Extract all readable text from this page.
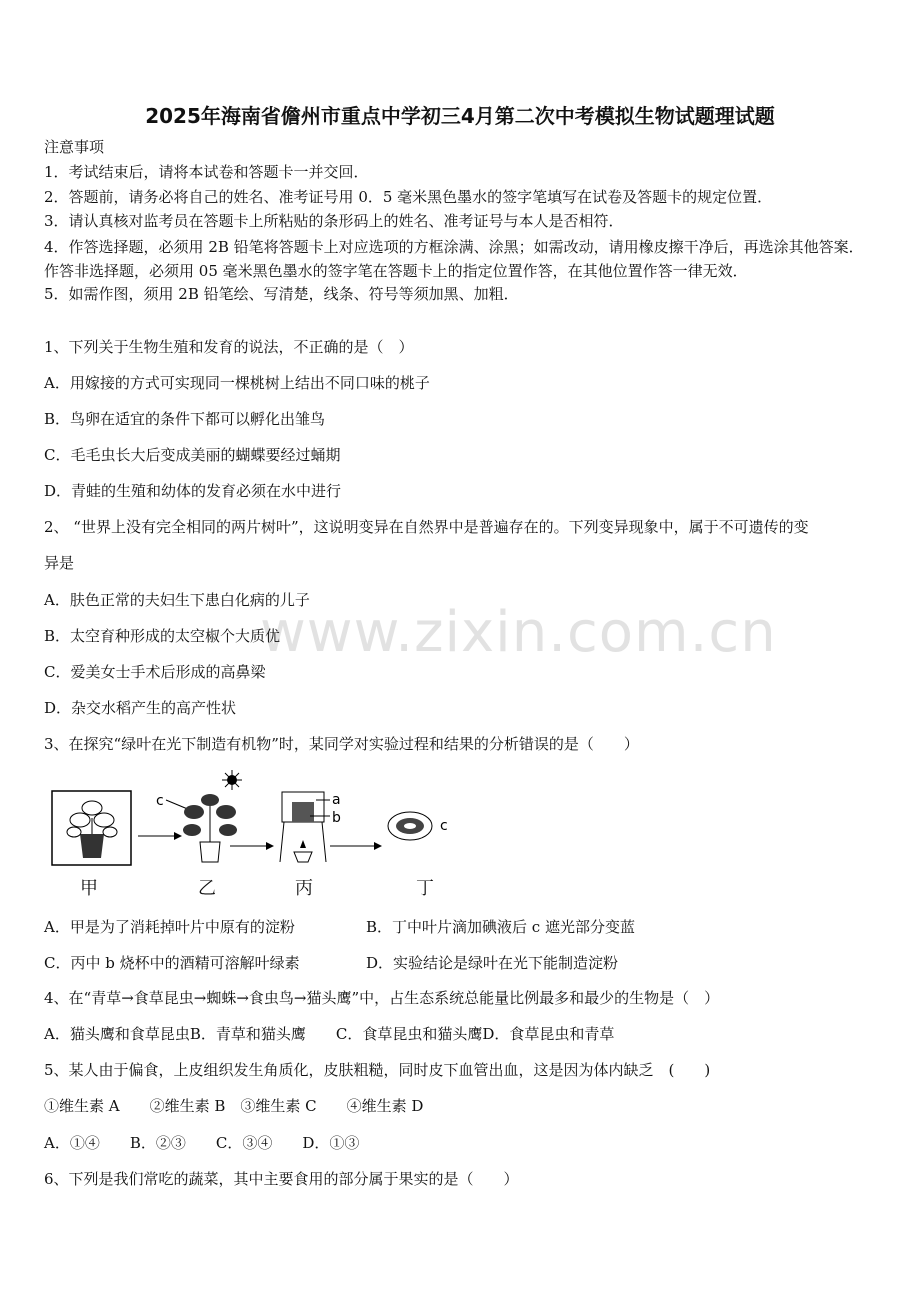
www.zixin.com.cn
2025年海南省儋州市重点中学初三4月第二次中考模拟生物试题理试题
注意事项
1．考试结束后，请将本试卷和答题卡一并交回．
2．答题前，请务必将自己的姓名、准考证号用 0．5 毫米黑色墨水的签字笔填写在试卷及答题卡的规定位置．
3．请认真核对监考员在答题卡上所粘贴的条形码上的姓名、准考证号与本人是否相符．
4．作答选择题，必须用 2B 铅笔将答题卡上对应选项的方框涂满、涂黑；如需改动，请用橡皮擦干净后，再选涂其他答案．作答非选择题，必须用 05 毫米黑色墨水的签字笔在答题卡上的指定位置作答，在其他位置作答一律无效．
5．如需作图，须用 2B 铅笔绘、写清楚，线条、符号等须加黑、加粗．
1、下列关于生物生殖和发育的说法，不正确的是（　）
A．用嫁接的方式可实现同一棵桃树上结出不同口味的桃子
B．鸟卵在适宜的条件下都可以孵化出雏鸟
C．毛毛虫长大后变成美丽的蝴蝶要经过蛹期
D．青蛙的生殖和幼体的发育必须在水中进行
2、 “世界上没有完全相同的两片树叶”，这说明变异在自然界中是普遍存在的。下列变异现象中，属于不可遗传的变
异是
A．肤色正常的夫妇生下患白化病的儿子
B．太空育种形成的太空椒个大质优
C．爱美女士手术后形成的高鼻梁
D．杂交水稻产生的高产性状
3、在探究“绿叶在光下制造有机物”时，某同学对实验过程和结果的分析错误的是（　　）
c	a
b	c
甲	乙	丙	丁
A．甲是为了消耗掉叶片中原有的淀粉	B．丁中叶片滴加碘液后 c 遮光部分变蓝
C．丙中 b 烧杯中的酒精可溶解叶绿素	D．实验结论是绿叶在光下能制造淀粉
4、在“青草→食草昆虫→蜘蛛→食虫鸟→猫头鹰”中，占生态系统总能量比例最多和最少的生物是（　）
A．猫头鹰和食草昆虫B．青草和猫头鹰　　C．食草昆虫和猫头鹰D．食草昆虫和青草
5、某人由于偏食，上皮组织发生角质化，皮肤粗糙，同时皮下血管出血，这是因为体内缺乏　(　　)
①维生素 A　　②维生素 B　③维生素 C　　④维生素 D
A．①④　　B．②③　　C．③④　　D．①③
6、下列是我们常吃的蔬菜，其中主要食用的部分属于果实的是（　　）
